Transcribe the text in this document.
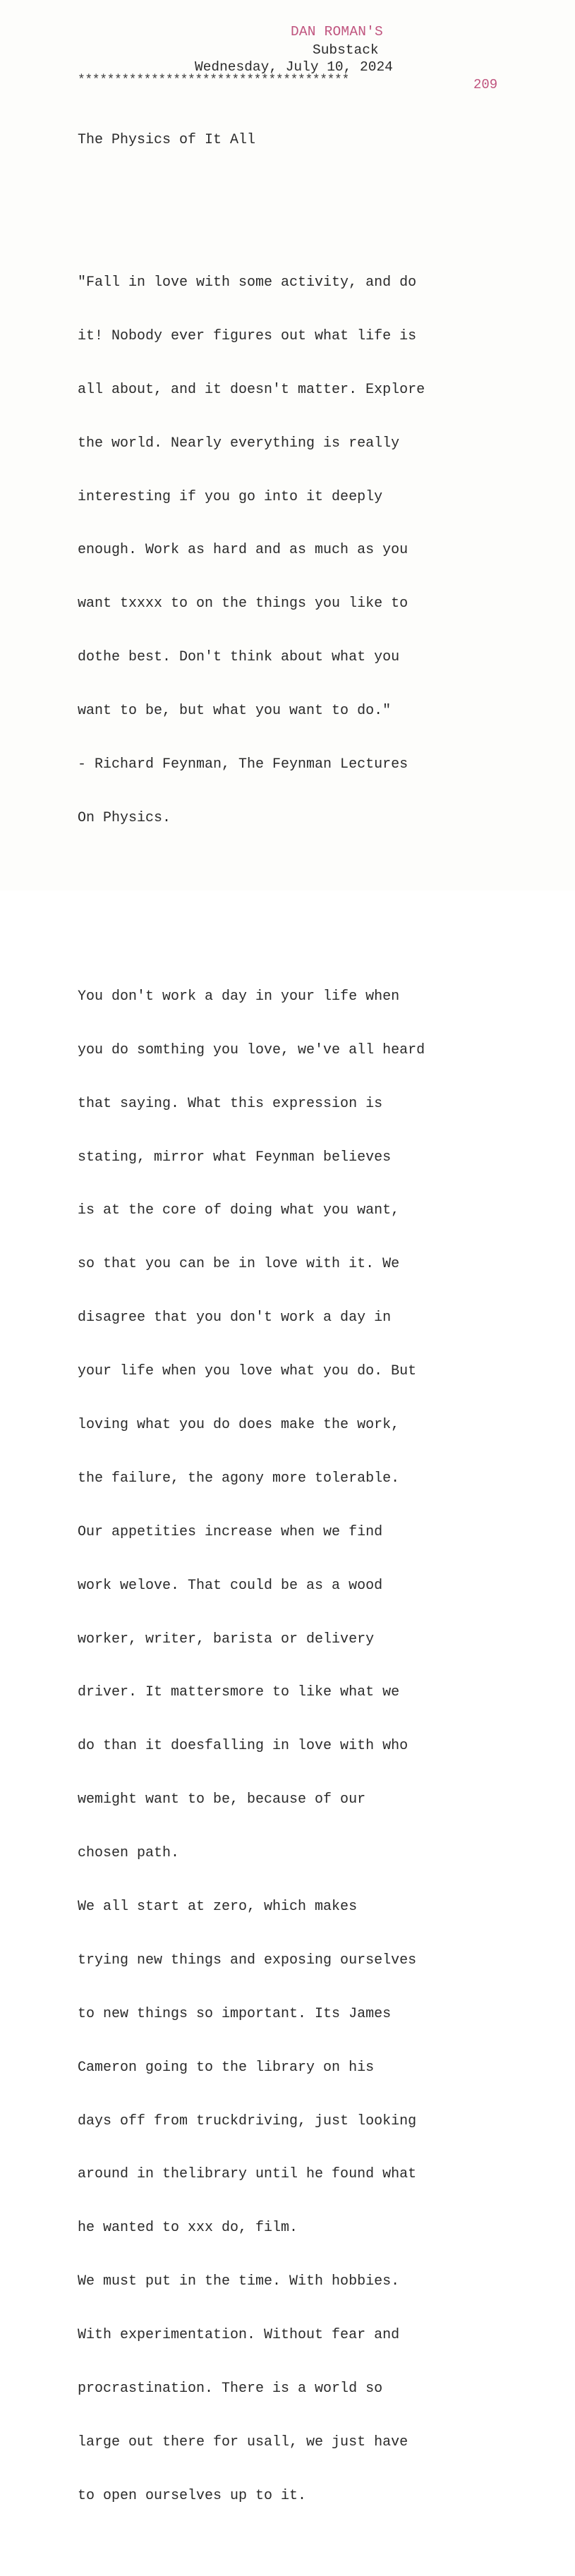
DAN ROMAN'S
Substack
Wednesday, July 10, 2024
*************************************	209

The Physics of It All

"Fall in love with some activity, and do

it! Nobody ever figures out what life is

all about, and it doesn't matter. Explore

the world. Nearly everything is really

interesting if you go into it deeply

enough. Work as hard and as much as you

want txxxx to on the things you like to

dothe best. Don't think about what you

want to be, but what you want to do."

- Richard Feynman, The Feynman Lectures

On Physics.

You don't work a day in your life when

you do somthing you love, we've all heard

that saying. What this expression is

stating, mirror what Feynman believes

is at the core of doing what you want,

so that you can be in love with it. We

disagree that you don't work a day in

your life when you love what you do. But

loving what you do does make the work,

the failure, the agony more tolerable.

Our appetities increase when we find

work welove. That could be as a wood

worker, writer, barista or delivery

driver. It mattersmore to like what we

do than it doesfalling in love with who

wemight want to be, because of our

chosen path.

We all start at zero, which makes

trying new things and exposing ourselves

to new things so important. Its James

Cameron going to the library on his

days off from truckdriving, just looking

around in thelibrary until he found what

he wanted to xxx do, film.

We must put in the time. With hobbies.

With experimentation. Without fear and

procrastination. There is a world so

large out there for usall, we just have

to open ourselves up to it.
